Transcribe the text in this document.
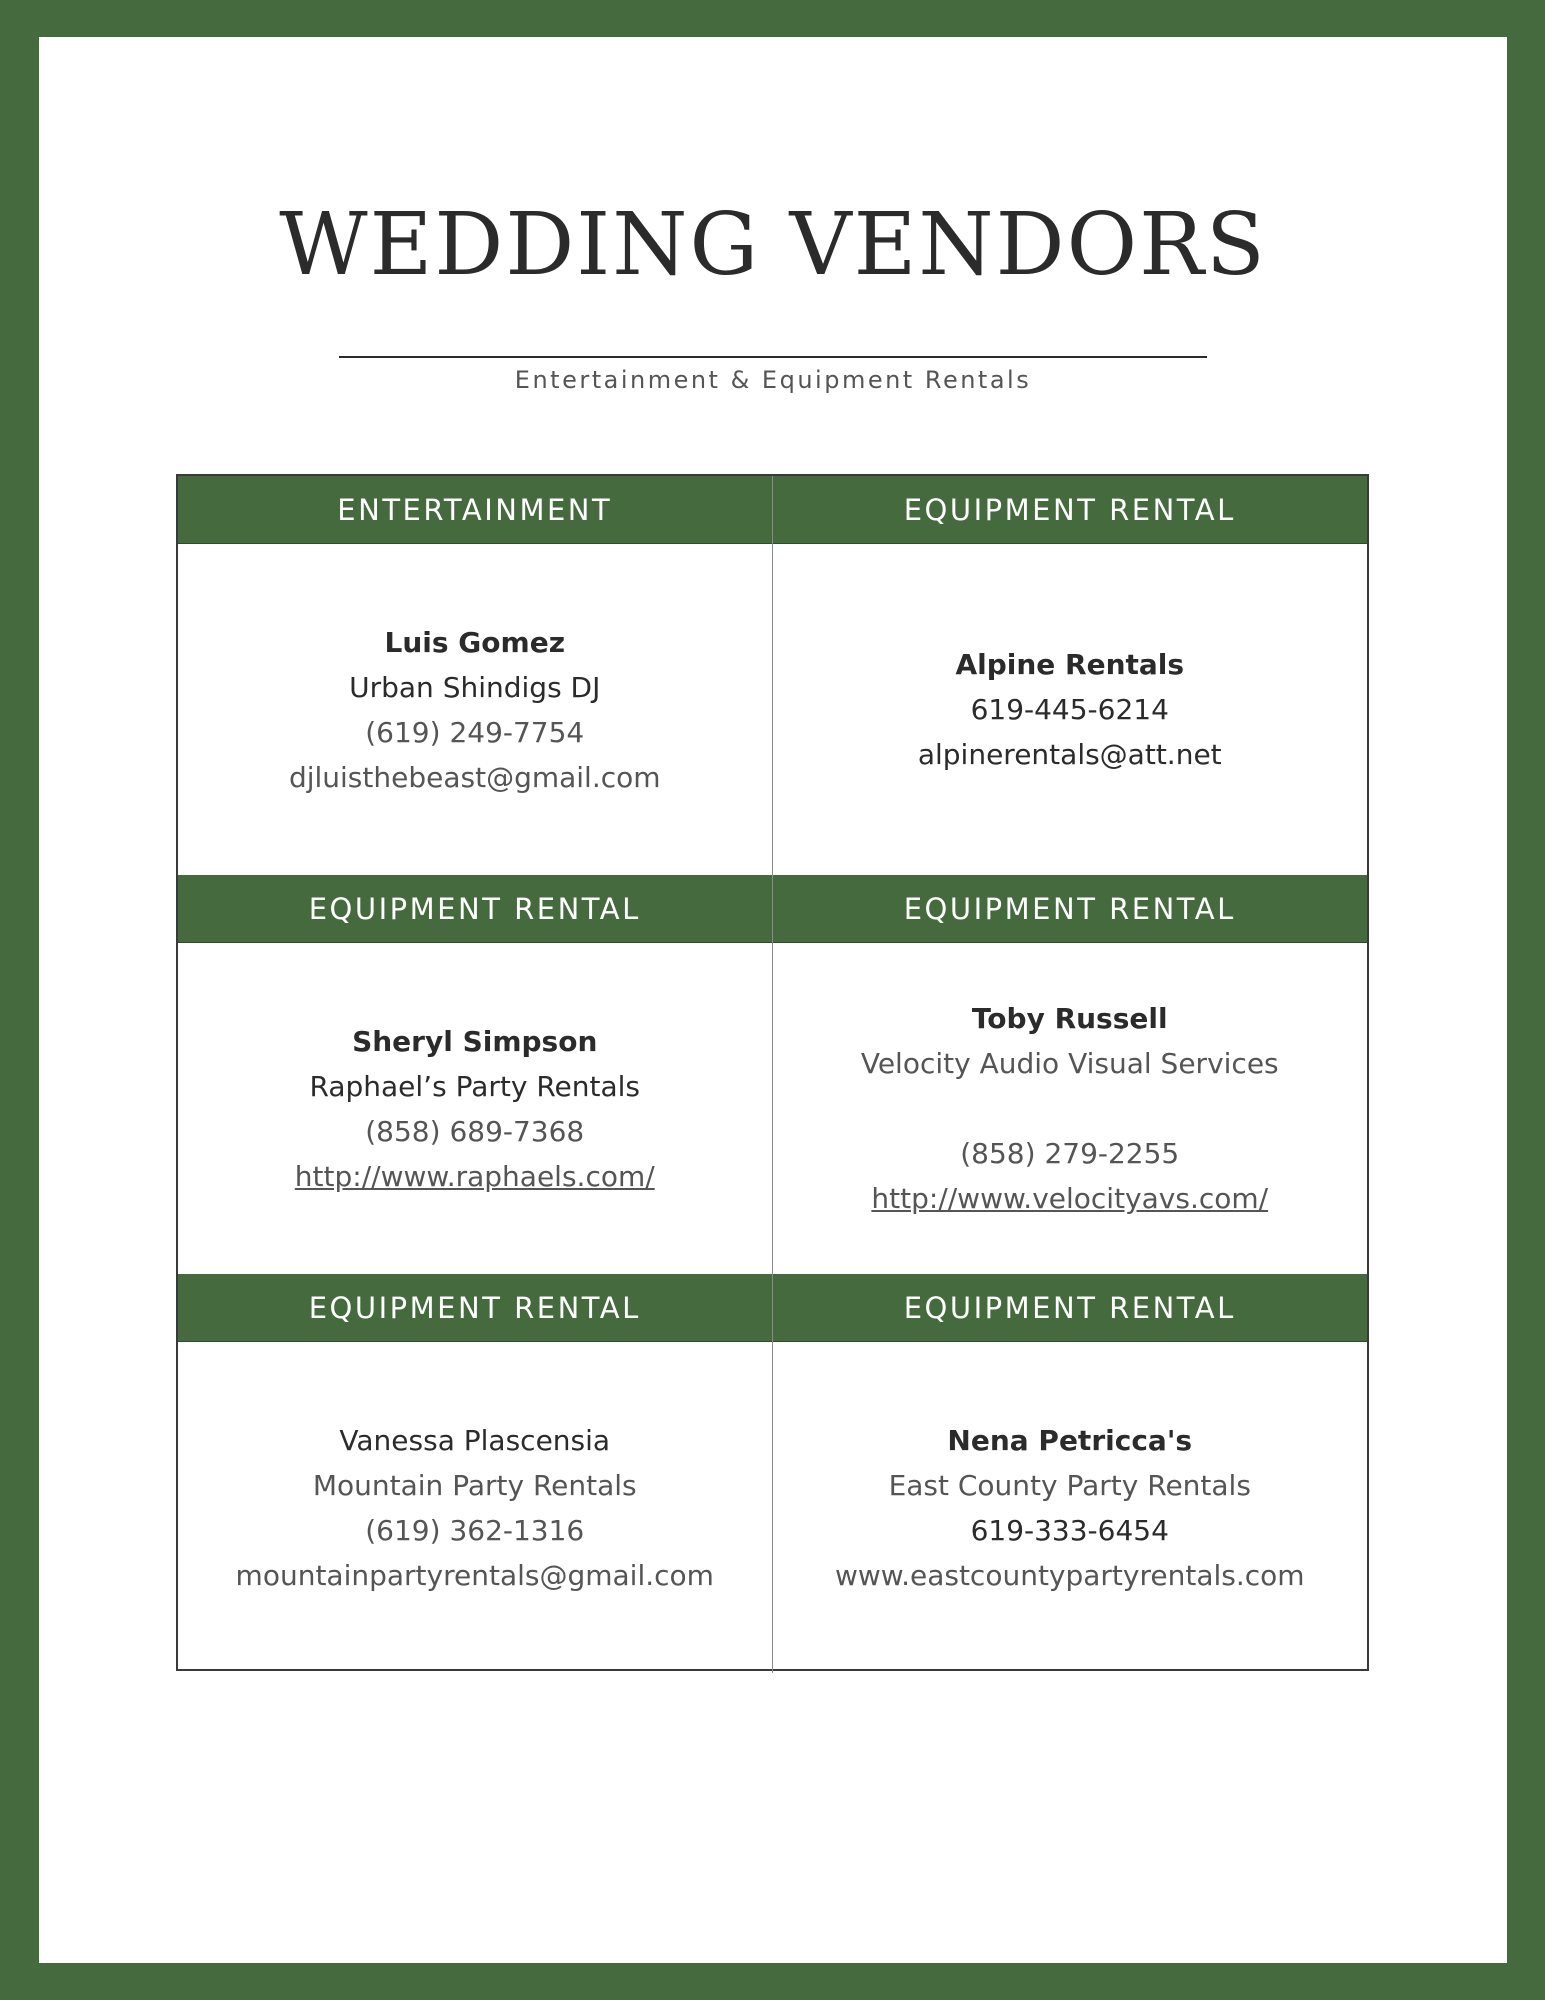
WEDDING VENDORS
Entertainment & Equipment Rentals
ENTERTAINMENT
Luis Gomez
Urban Shindigs DJ
(619) 249-7754
djluisthebeast@gmail.com
EQUIPMENT RENTAL
Alpine Rentals
619-445-6214
alpinerentals@att.net
EQUIPMENT RENTAL
Sheryl Simpson
Raphael’s Party Rentals
(858) 689-7368
http://www.raphaels.com/
EQUIPMENT RENTAL
Toby Russell
Velocity Audio Visual Services
(858) 279-2255
http://www.velocityavs.com/
EQUIPMENT RENTAL
Vanessa Plascensia
Mountain Party Rentals
(619) 362-1316
mountainpartyrentals@gmail.com
EQUIPMENT RENTAL
Nena Petricca's
East County Party Rentals
619-333-6454
www.eastcountypartyrentals.com
